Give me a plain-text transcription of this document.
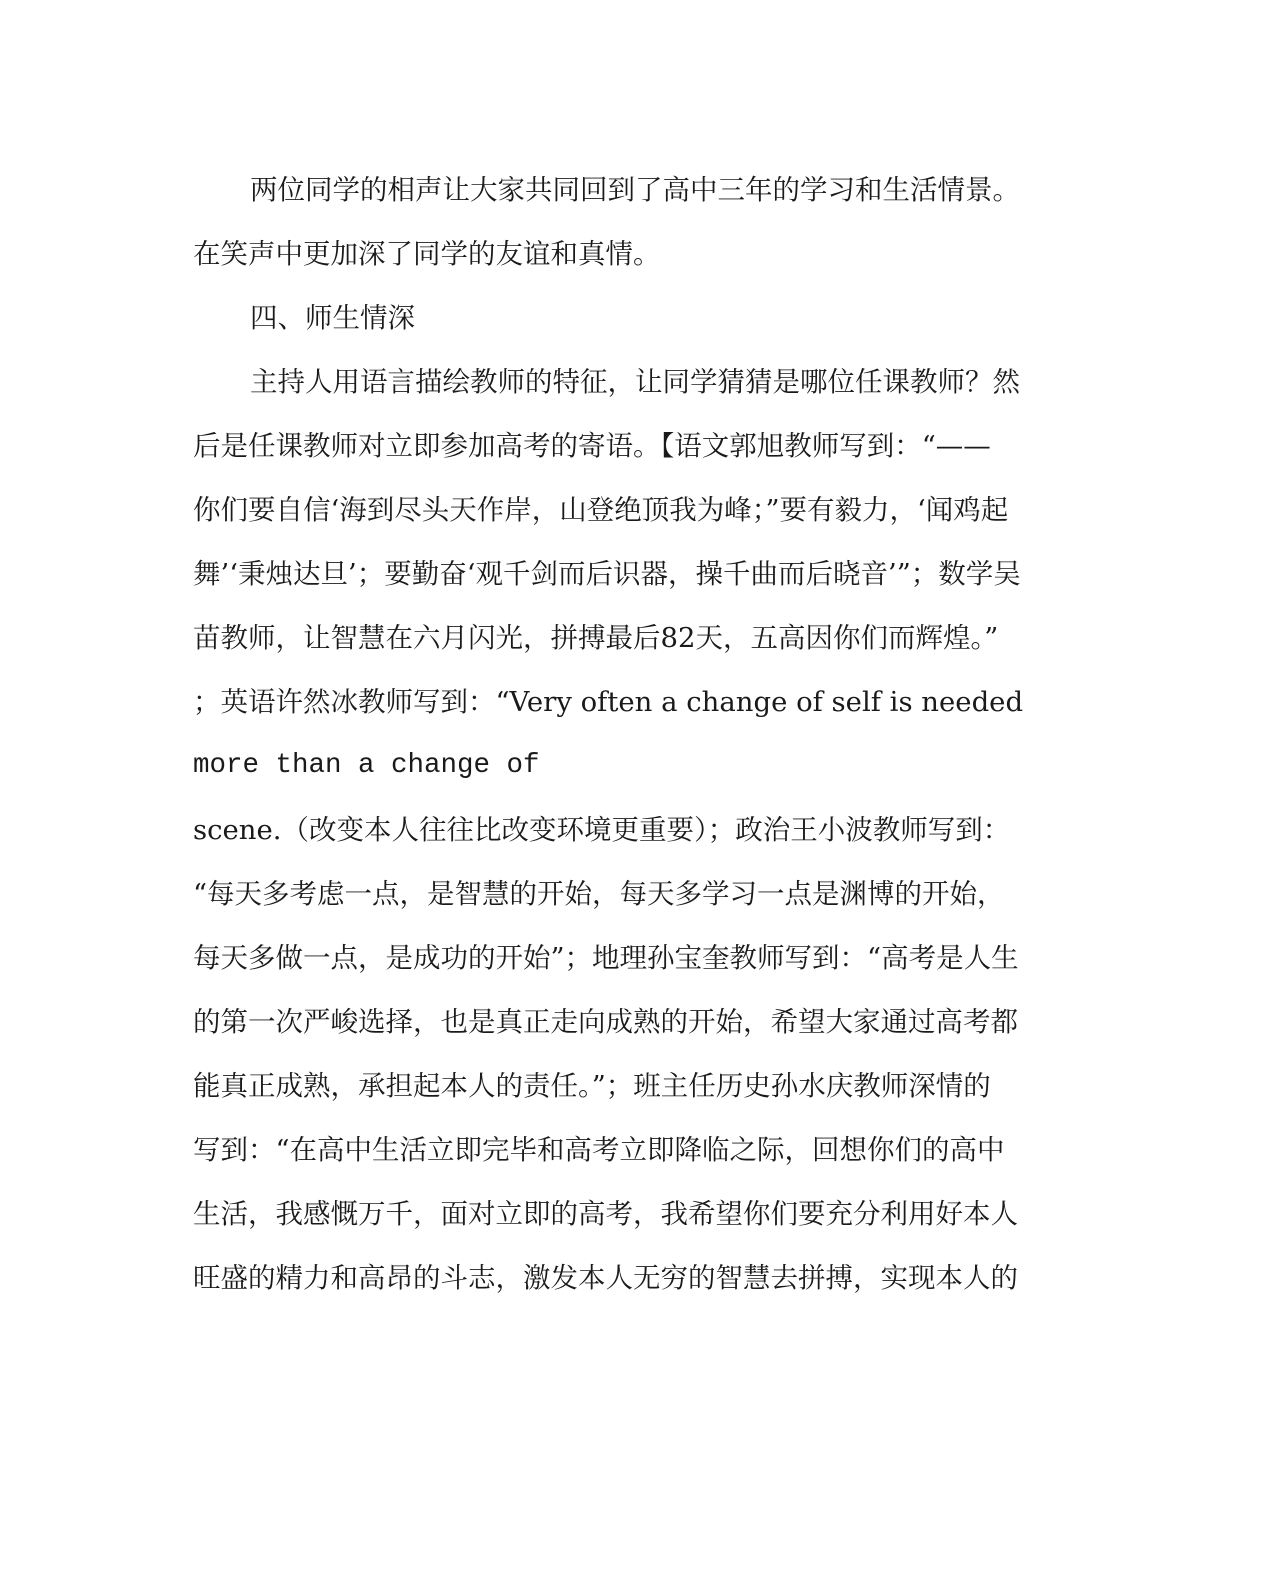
两位同学的相声让大家共同回到了高中三年的学习和生活情景。
在笑声中更加深了同学的友谊和真情。
四、师生情深
主持人用语言描绘教师的特征，让同学猜猜是哪位任课教师？然
后是任课教师对立即参加高考的寄语。【语文郭旭教师写到：“——
你们要自信‘海到尽头天作岸，山登绝顶我为峰；”要有毅力，‘闻鸡起
舞’‘秉烛达旦’；要勤奋‘观千剑而后识器，操千曲而后晓音’”；数学吴
苗教师，让智慧在六月闪光，拼搏最后82天，五高因你们而辉煌。”
；英语许然冰教师写到：“Very often a change of self is needed
more than a change of
scene.（改变本人往往比改变环境更重要）；政治王小波教师写到：
“每天多考虑一点，是智慧的开始，每天多学习一点是渊博的开始，
每天多做一点，是成功的开始”；地理孙宝奎教师写到：“高考是人生
的第一次严峻选择，也是真正走向成熟的开始，希望大家通过高考都
能真正成熟，承担起本人的责任。”；班主任历史孙水庆教师深情的
写到：“在高中生活立即完毕和高考立即降临之际，回想你们的高中
生活，我感慨万千，面对立即的高考，我希望你们要充分利用好本人
旺盛的精力和高昂的斗志，激发本人无穷的智慧去拼搏，实现本人的
